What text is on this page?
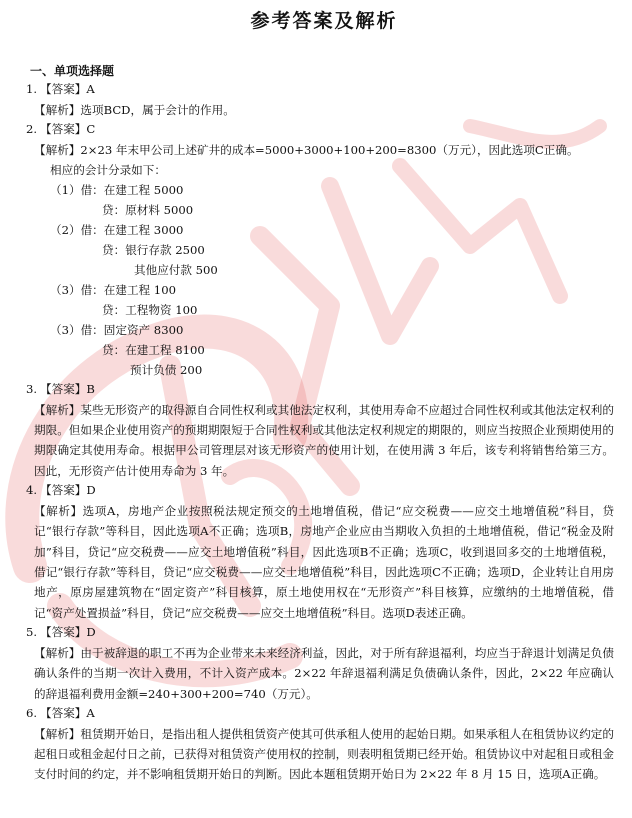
参考答案及解析
一、单项选择题
1. 【答案】A
【解析】选项BCD，属于会计的作用。
2. 【答案】C
【解析】2×23 年末甲公司上述矿井的成本=5000+3000+100+200=8300（万元），因此选项C正确。
相应的会计分录如下：
（1）借：在建工程 5000
贷：原材料 5000
（2）借：在建工程 3000
贷：银行存款 2500
其他应付款 500
（3）借：在建工程 100
贷：工程物资 100
（3）借：固定资产 8300
贷：在建工程 8100
预计负债 200
3. 【答案】B
【解析】某些无形资产的取得源自合同性权利或其他法定权利，其使用寿命不应超过合同性权利或其他法定权利的期限。但如果企业使用资产的预期期限短于合同性权利或其他法定权利规定的期限的，则应当按照企业预期使用的期限确定其使用寿命。根据甲公司管理层对该无形资产的使用计划，在使用满 3 年后，该专利将销售给第三方。因此，无形资产估计使用寿命为 3 年。
4. 【答案】D
【解析】选项A，房地产企业按照税法规定预交的土地增值税，借记“应交税费——应交土地增值税”科目，贷记“银行存款”等科目，因此选项A不正确；选项B，房地产企业应由当期收入负担的土地增值税，借记“税金及附加”科目，贷记“应交税费——应交土地增值税”科目，因此选项B不正确；选项C，收到退回多交的土地增值税，借记“银行存款”等科目，贷记“应交税费——应交土地增值税”科目，因此选项C不正确；选项D，企业转让自用房地产，原房屋建筑物在“固定资产”科目核算，原土地使用权在“无形资产”科目核算，应缴纳的土地增值税，借记“资产处置损益”科目，贷记“应交税费——应交土地增值税”科目。选项D表述正确。
5. 【答案】D
【解析】由于被辞退的职工不再为企业带来未来经济利益，因此，对于所有辞退福利，均应当于辞退计划满足负债确认条件的当期一次计入费用，不计入资产成本。2×22 年辞退福利满足负债确认条件，因此，2×22 年应确认的辞退福利费用金额=240+300+200=740（万元）。
6. 【答案】A
【解析】租赁期开始日，是指出租人提供租赁资产使其可供承租人使用的起始日期。如果承租人在租赁协议约定的起租日或租金起付日之前，已获得对租赁资产使用权的控制，则表明租赁期已经开始。租赁协议中对起租日或租金支付时间的约定，并不影响租赁期开始日的判断。因此本题租赁期开始日为 2×22 年 8 月 15 日，选项A正确。
